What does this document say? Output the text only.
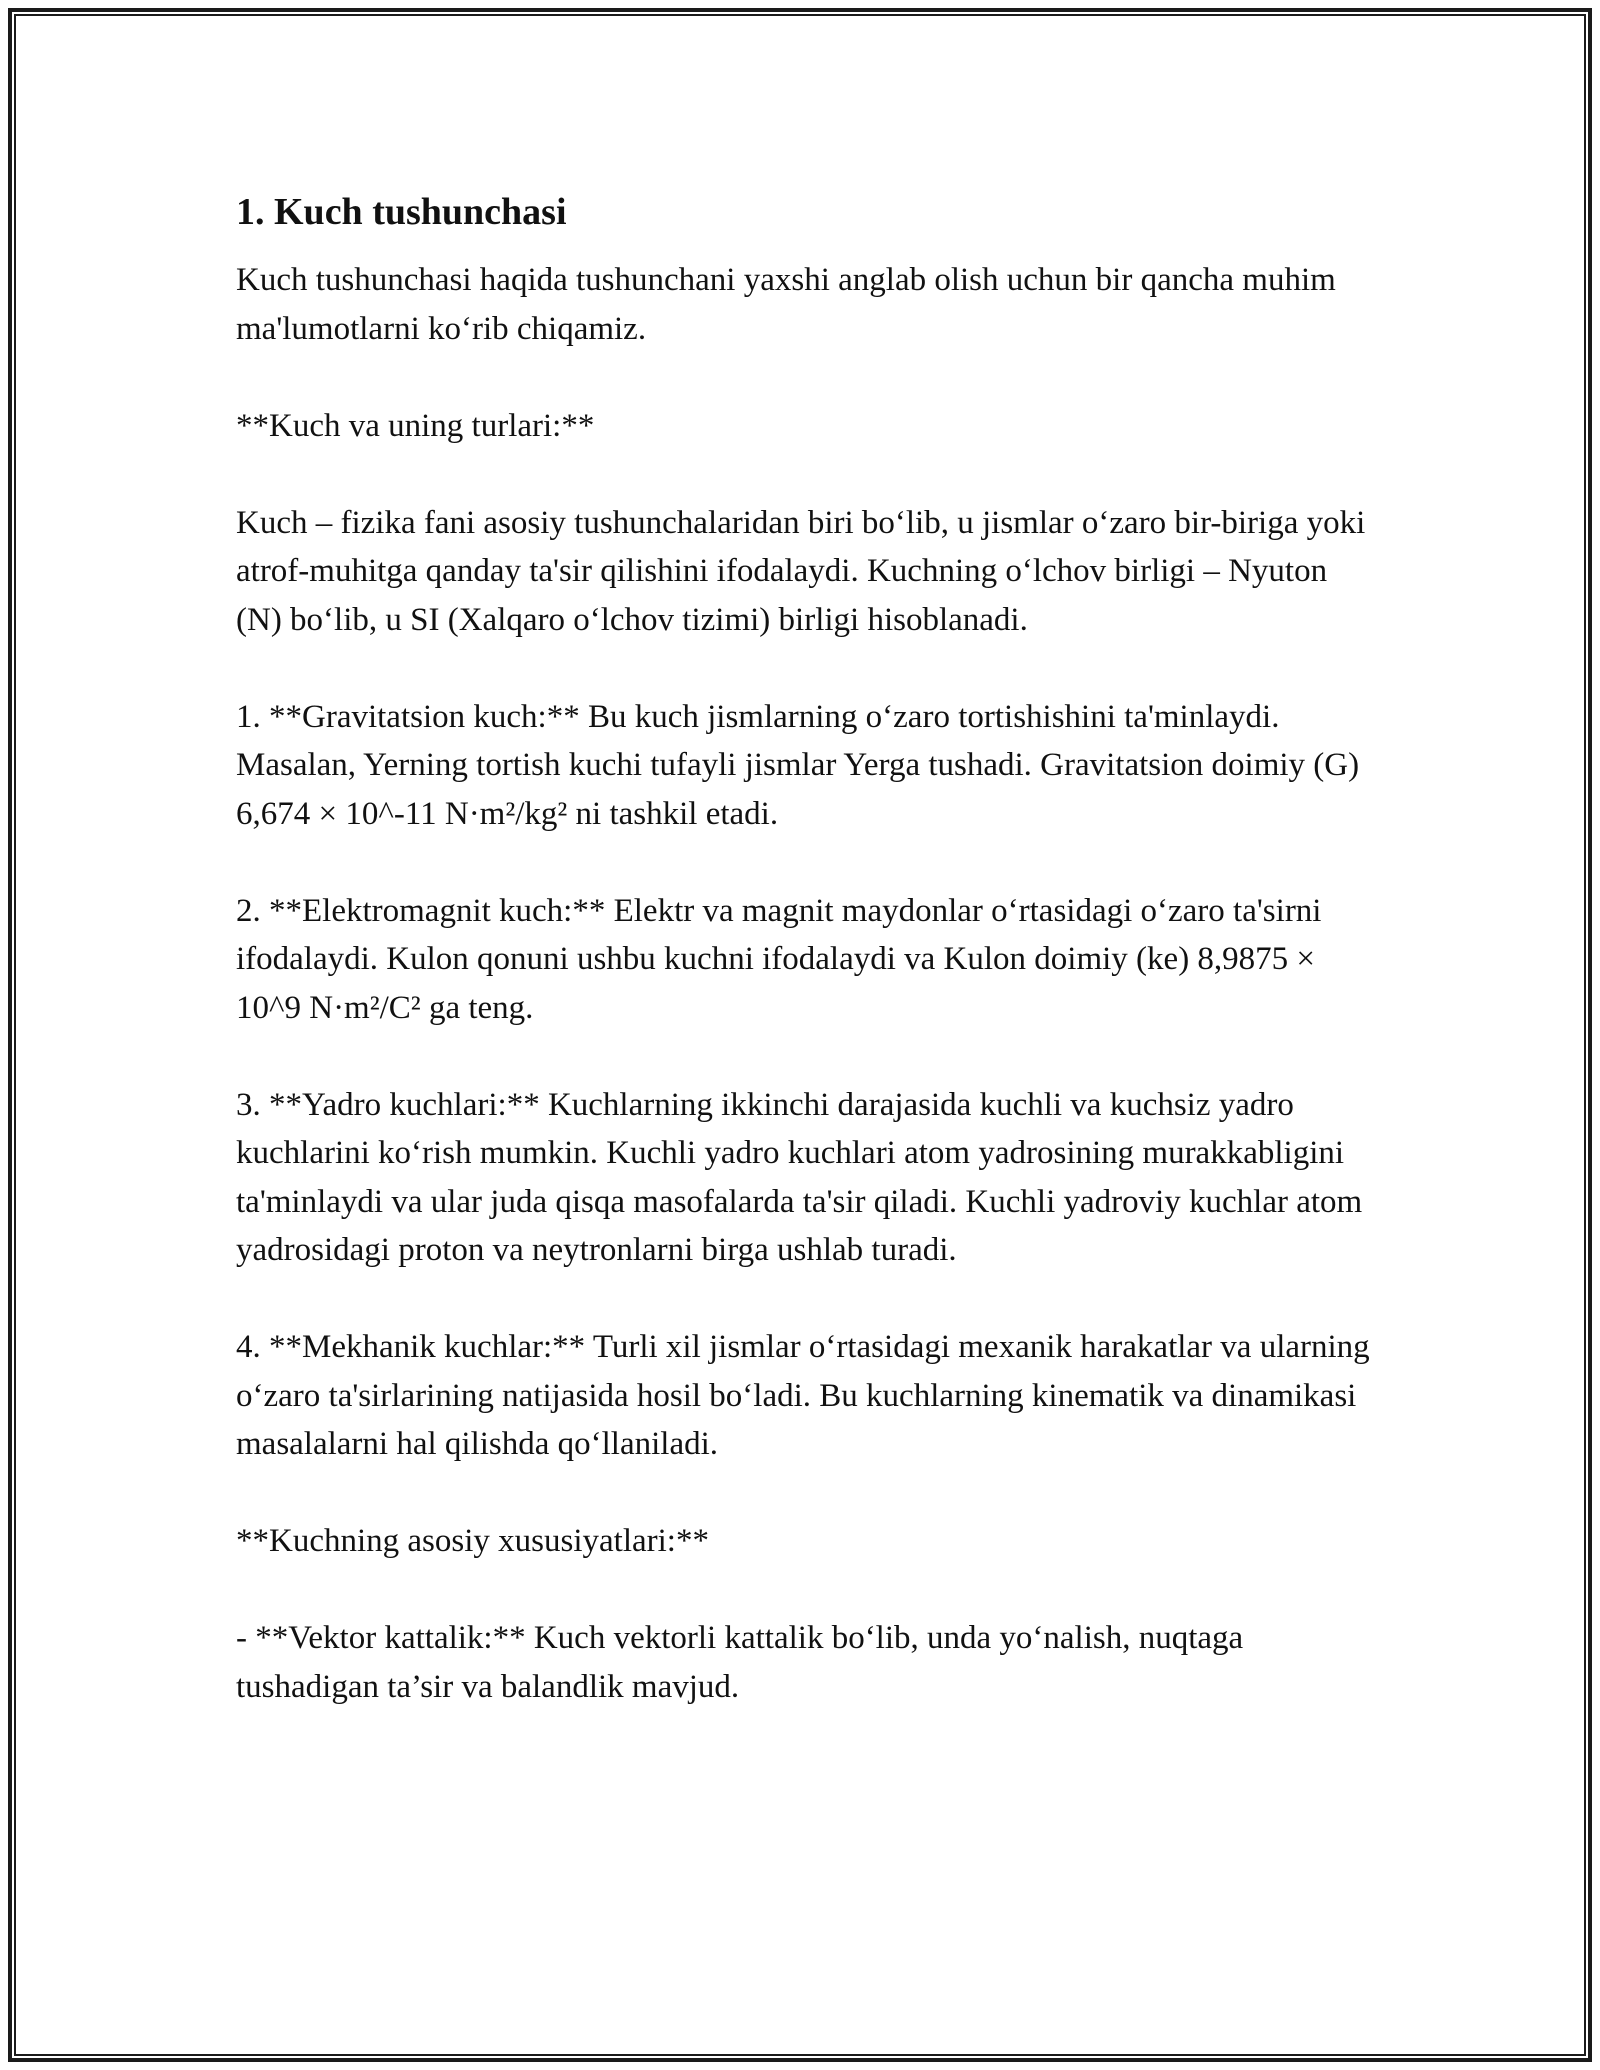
1. Kuch tushunchasi

Kuch tushunchasi haqida tushunchani yaxshi anglab olish uchun bir qancha muhim ma'lumotlarni ko‘rib chiqamiz.

**Kuch va uning turlari:**

Kuch – fizika fani asosiy tushunchalaridan biri bo‘lib, u jismlar o‘zaro bir-biriga yoki atrof-muhitga qanday ta'sir qilishini ifodalaydi. Kuchning o‘lchov birligi – Nyuton (N) bo‘lib, u SI (Xalqaro o‘lchov tizimi) birligi hisoblanadi.

1. **Gravitatsion kuch:** Bu kuch jismlarning o‘zaro tortishishini ta'minlaydi. Masalan, Yerning tortish kuchi tufayli jismlar Yerga tushadi. Gravitatsion doimiy (G) 6,674 × 10^-11 N·m²/kg² ni tashkil etadi.

2. **Elektromagnit kuch:** Elektr va magnit maydonlar o‘rtasidagi o‘zaro ta'sirni ifodalaydi. Kulon qonuni ushbu kuchni ifodalaydi va Kulon doimiy (ke) 8,9875 × 10^9 N·m²/C² ga teng.

3. **Yadro kuchlari:** Kuchlarning ikkinchi darajasida kuchli va kuchsiz yadro kuchlarini ko‘rish mumkin. Kuchli yadro kuchlari atom yadrosining murakkabligini ta'minlaydi va ular juda qisqa masofalarda ta'sir qiladi. Kuchli yadroviy kuchlar atom yadrosidagi proton va neytronlarni birga ushlab turadi.

4. **Mekhanik kuchlar:** Turli xil jismlar o‘rtasidagi mexanik harakatlar va ularning o‘zaro ta'sirlarining natijasida hosil bo‘ladi. Bu kuchlarning kinematik va dinamikasi masalalarni hal qilishda qo‘llaniladi.

**Kuchning asosiy xususiyatlari:**

- **Vektor kattalik:** Kuch vektorli kattalik bo‘lib, unda yo‘nalish, nuqtaga tushadigan ta’sir va balandlik mavjud.
